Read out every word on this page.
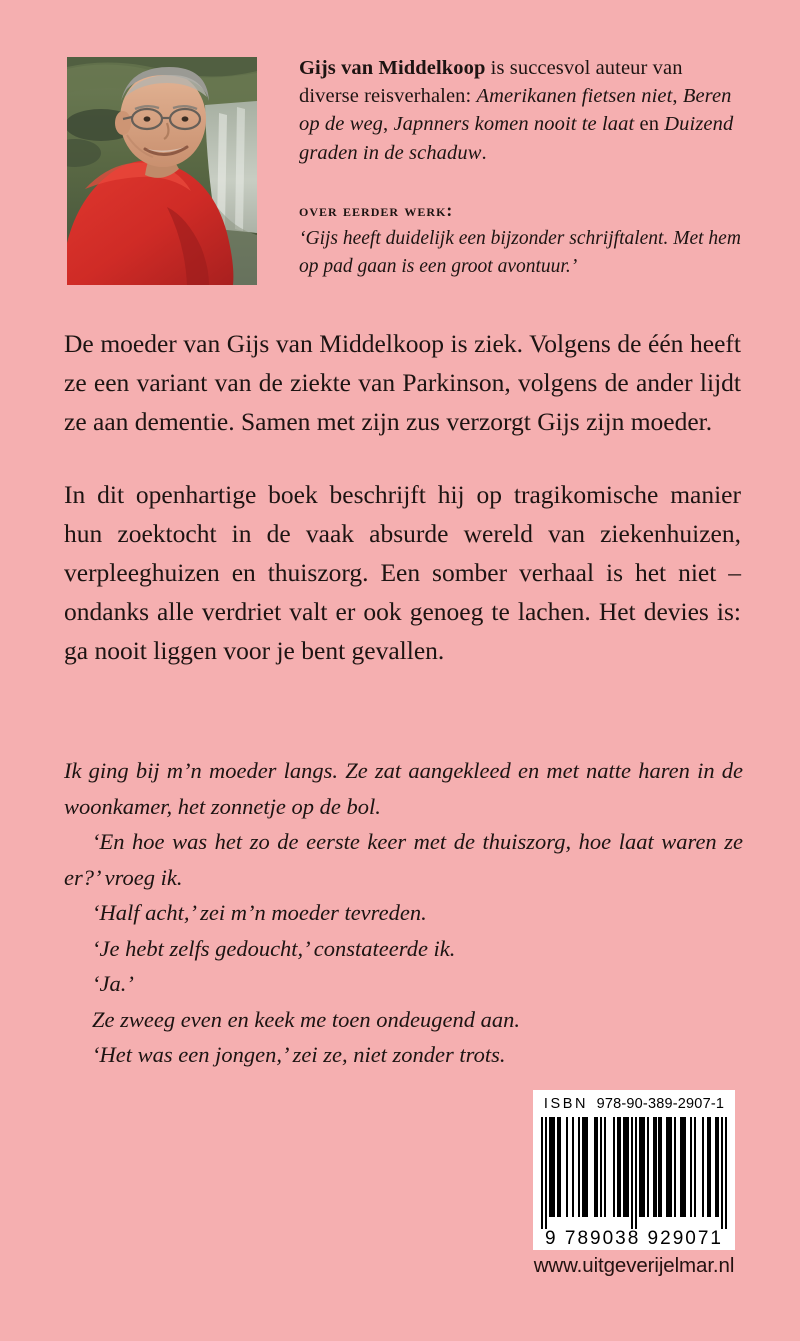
Gijs van Middelkoop is succesvol auteur van diverse reisverhalen: Amerikanen fietsen niet, Beren op de weg, Japnners komen nooit te laat en Duizend graden in de schaduw.
over eerder werk:
‘Gijs heeft duidelijk een bijzonder schrijftalent. Met hem op pad gaan is een groot avontuur.’

De moeder van Gijs van Middelkoop is ziek. Volgens de één heeft ze een variant van de ziekte van Parkinson, volgens de ander lijdt ze aan dementie. Samen met zijn zus verzorgt Gijs zijn moeder.

In dit openhartige boek beschrijft hij op tragikomische manier hun zoektocht in de vaak absurde wereld van ziekenhuizen, verpleeghuizen en thuiszorg. Een somber verhaal is het niet – ondanks alle verdriet valt er ook genoeg te lachen. Het devies is: ga nooit liggen voor je bent gevallen.

Ik ging bij m’n moeder langs. Ze zat aangekleed en met natte haren in de woonkamer, het zonnetje op de bol.

‘En hoe was het zo de eerste keer met de thuiszorg, hoe laat waren ze er?’ vroeg ik.

‘Half acht,’ zei m’n moeder tevreden.

‘Je hebt zelfs gedoucht,’ constateerde ik.

‘Ja.’

Ze zweeg even en keek me toen ondeugend aan.

‘Het was een jongen,’ zei ze, niet zonder trots.

ISBN 978-90-389-2907-1
9 789038 929071
www.uitgeverijelmar.nl
